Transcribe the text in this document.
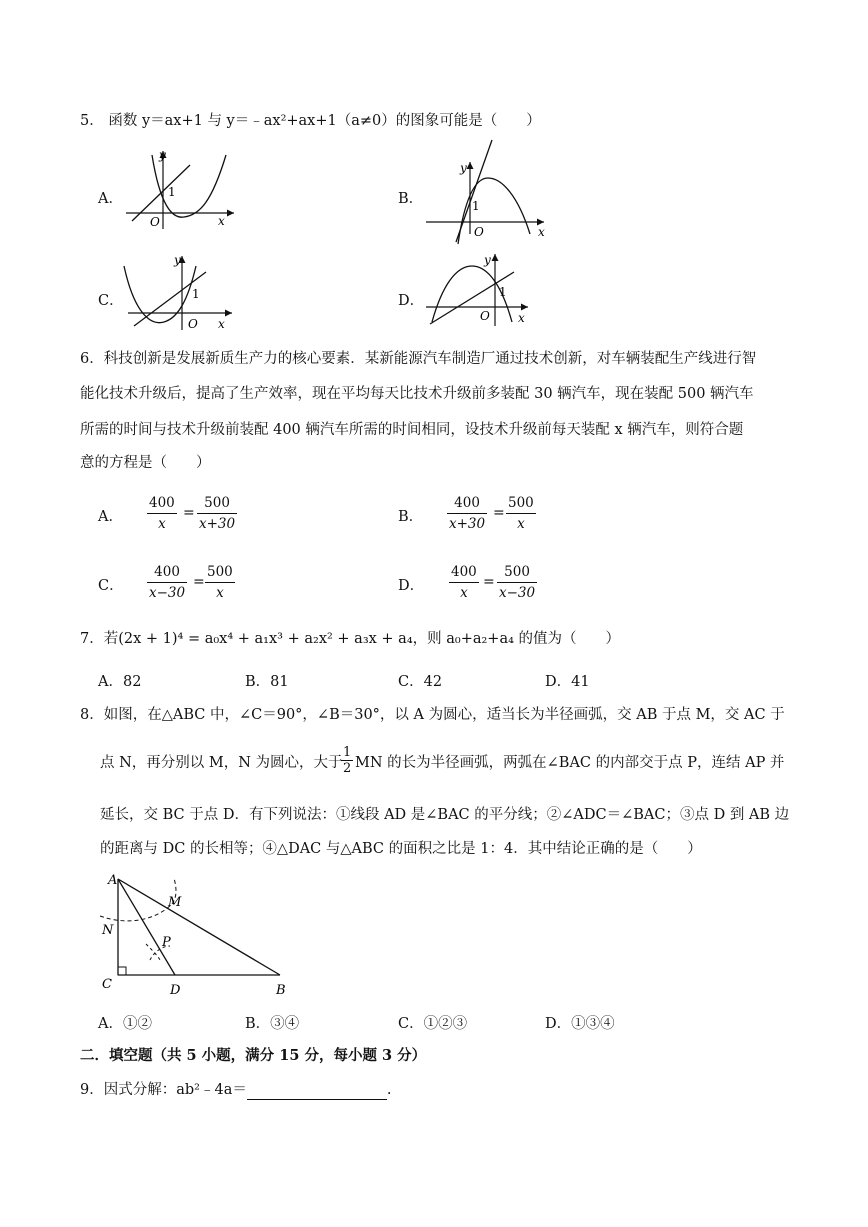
5． 函数 y＝ax+1 与 y＝﹣ax²+ax+1（a≠0）的图象可能是（　　）
A．	B．
C．	D．
y
x
O
1
y
x
O
1
y
x
O
1
y
x
O
1
6．科技创新是发展新质生产力的核心要素．某新能源汽车制造厂通过技术创新，对车辆装配生产线进行智
能化技术升级后，提高了生产效率，现在平均每天比技术升级前多装配 30 辆汽车，现在装配 500 辆汽车
所需的时间与技术升级前装配 400 辆汽车所需的时间相同，设技术升级前每天装配 x 辆汽车，则符合题
意的方程是（　　）
A． $\frac{400}{x} = \frac{500}{x+30}$	B． $\frac{400}{x+30} = \frac{500}{x}$
C． $\frac{400}{x-30} = \frac{500}{x}$	D． $\frac{400}{x} = \frac{500}{x-30}$
7．若(2x + 1)⁴ = a₀x⁴ + a₁x³ + a₂x² + a₃x + a₄，则 a₀+a₂+a₄ 的值为（　　）
A．82	B．81	C．42	D．41
8．如图，在△ABC 中，∠C＝90°，∠B＝30°，以 A 为圆心，适当长为半径画弧，交 AB 于点 M，交 AC 于
点 N，再分别以 M，N 为圆心，大于
$\frac{1}{2}$ MN 的长为半径画弧，两弧在∠BAC 的内部交于点 P，连结 AP 并
延长，交 BC 于点 D．有下列说法：①线段 AD 是∠BAC 的平分线；②∠ADC＝∠BAC；③点 D 到 AB 边
的距离与 DC 的长相等；④△DAC 与△ABC 的面积之比是 1：4．其中结论正确的是（　　）
A
M
N
P
C	D	B
A．①②	B．③④	C．①②③	D．①③④
二．填空题（共 5 小题，满分 15 分，每小题 3 分）
9．因式分解：ab²﹣4a＝	.
